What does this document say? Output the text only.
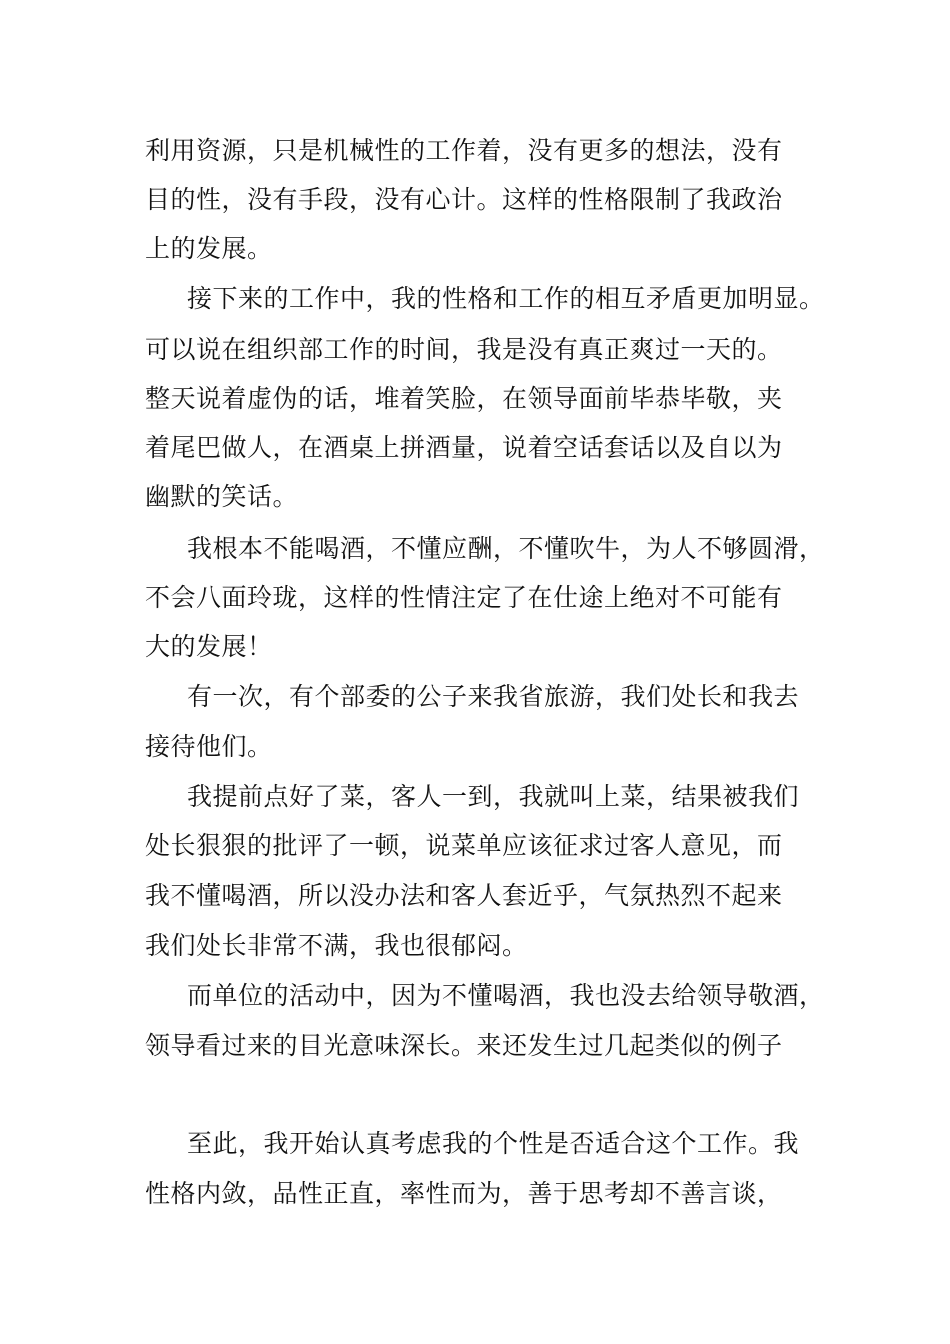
利用资源，只是机械性的工作着，没有更多的想法，没有
目的性，没有手段，没有心计。这样的性格限制了我政治
上的发展。
接下来的工作中，我的性格和工作的相互矛盾更加明显。
可以说在组织部工作的时间，我是没有真正爽过一天的。
整天说着虚伪的话，堆着笑脸，在领导面前毕恭毕敬，夹
着尾巴做人，在酒桌上拼酒量，说着空话套话以及自以为
幽默的笑话。
我根本不能喝酒，不懂应酬，不懂吹牛，为人不够圆滑，
不会八面玲珑，这样的性情注定了在仕途上绝对不可能有
大的发展！
有一次，有个部委的公子来我省旅游，我们处长和我去
接待他们。
我提前点好了菜，客人一到，我就叫上菜，结果被我们
处长狠狠的批评了一顿，说菜单应该征求过客人意见，而
我不懂喝酒，所以没办法和客人套近乎，气氛热烈不起来
我们处长非常不满，我也很郁闷。
而单位的活动中，因为不懂喝酒，我也没去给领导敬酒，
领导看过来的目光意味深长。来还发生过几起类似的例子
至此，我开始认真考虑我的个性是否适合这个工作。我
性格内敛，品性正直，率性而为，善于思考却不善言谈，
